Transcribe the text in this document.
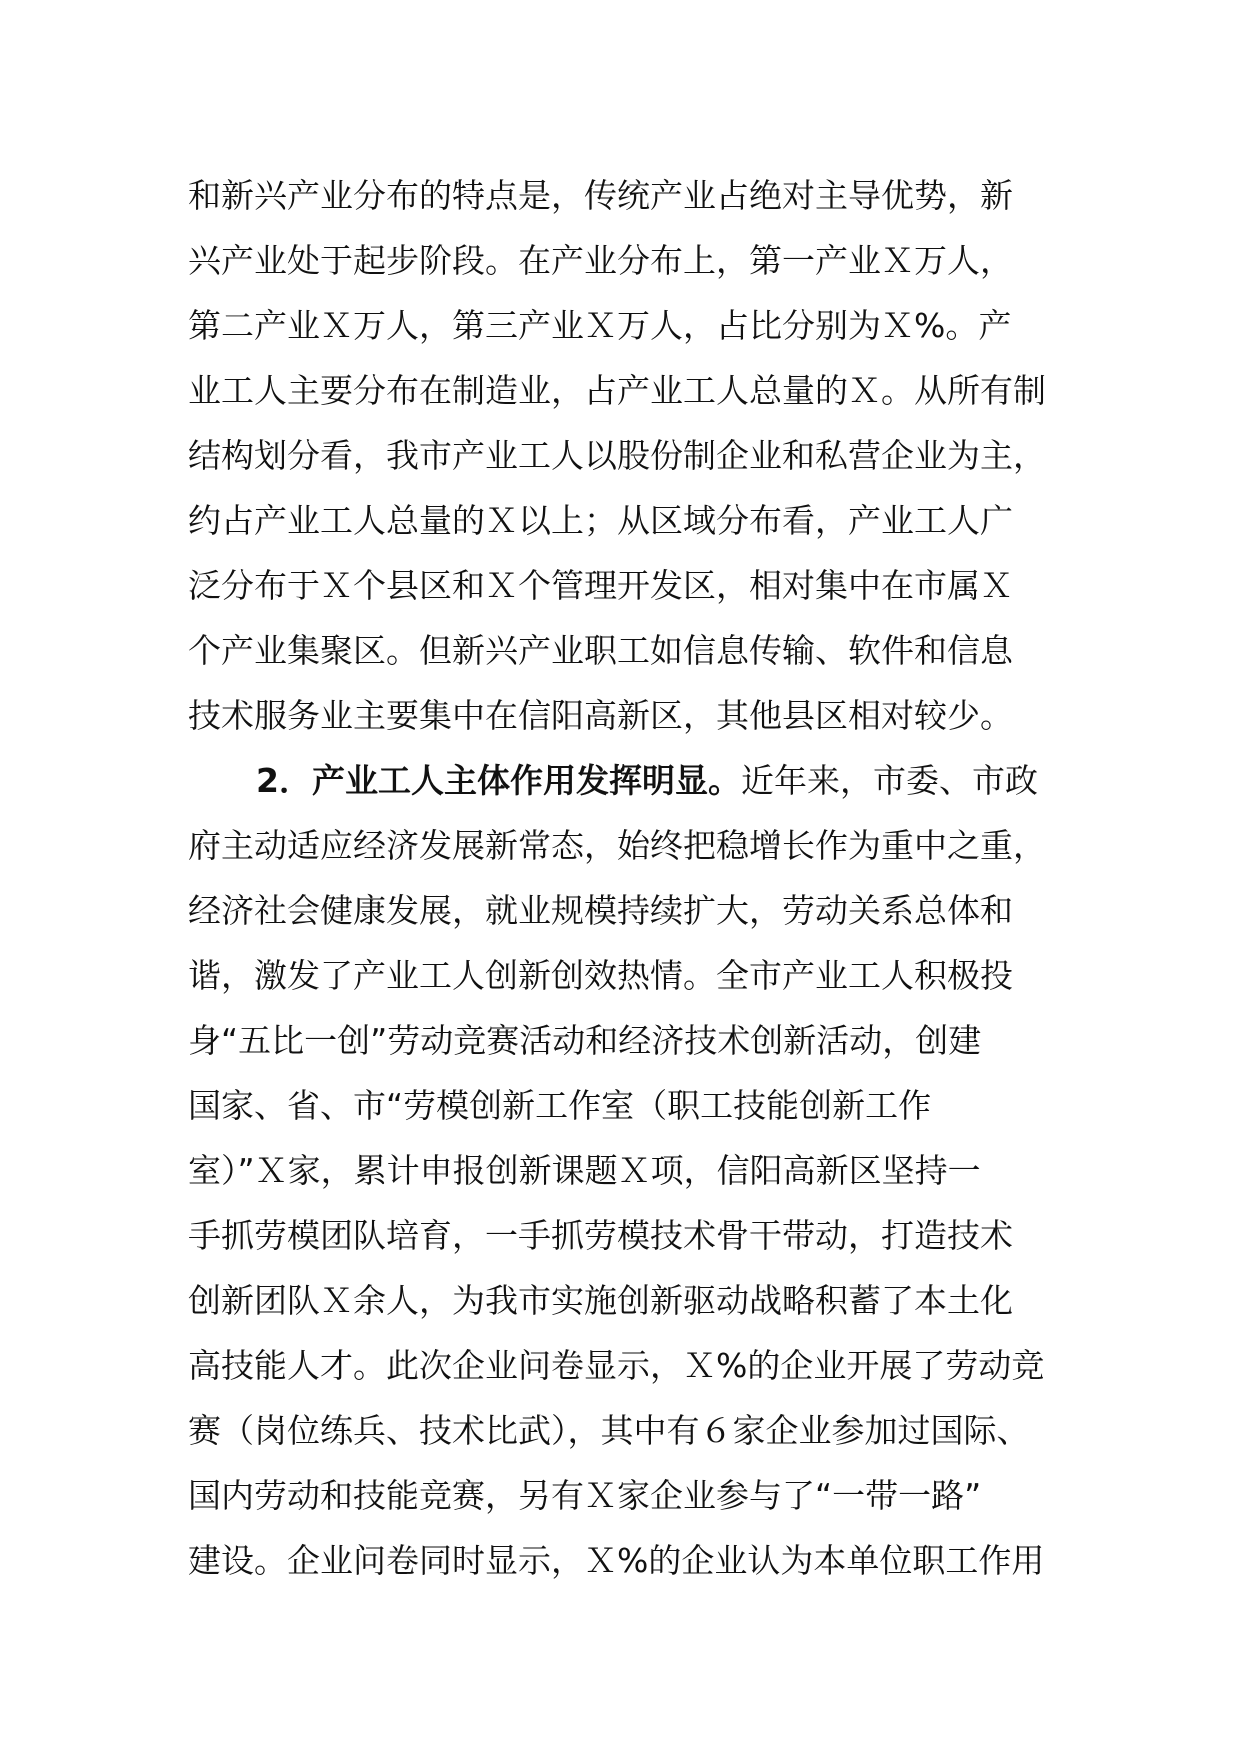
和新兴产业分布的特点是，传统产业占绝对主导优势，新
兴产业处于起步阶段。在产业分布上，第一产业Ｘ万人，
第二产业Ｘ万人，第三产业Ｘ万人，占比分别为Ｘ%。产
业工人主要分布在制造业，占产业工人总量的Ｘ。从所有制
结构划分看，我市产业工人以股份制企业和私营企业为主，
约占产业工人总量的Ｘ以上；从区域分布看，产业工人广
泛分布于Ｘ个县区和Ｘ个管理开发区，相对集中在市属Ｘ
个产业集聚区。但新兴产业职工如信息传输、软件和信息
技术服务业主要集中在信阳高新区，其他县区相对较少。
2．产业工人主体作用发挥明显。近年来，市委、市政
府主动适应经济发展新常态，始终把稳增长作为重中之重，
经济社会健康发展，就业规模持续扩大，劳动关系总体和
谐，激发了产业工人创新创效热情。全市产业工人积极投
身“五比一创”劳动竞赛活动和经济技术创新活动，创建
国家、省、市“劳模创新工作室（职工技能创新工作
室）”Ｘ家，累计申报创新课题Ｘ项，信阳高新区坚持一
手抓劳模团队培育，一手抓劳模技术骨干带动，打造技术
创新团队Ｘ余人，为我市实施创新驱动战略积蓄了本土化
高技能人才。此次企业问卷显示，Ｘ%的企业开展了劳动竞
赛（岗位练兵、技术比武），其中有６家企业参加过国际、
国内劳动和技能竞赛，另有Ｘ家企业参与了“一带一路”
建设。企业问卷同时显示，Ｘ%的企业认为本单位职工作用
